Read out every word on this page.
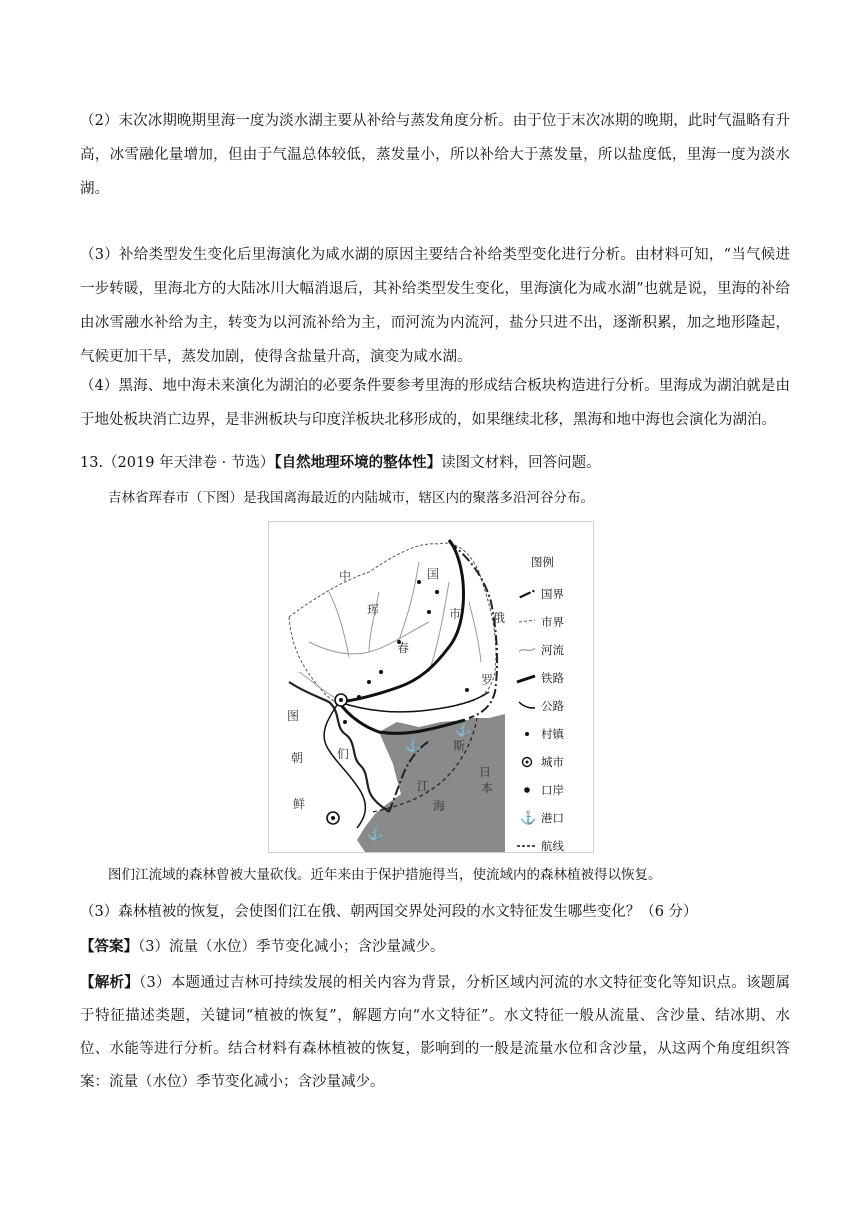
（2）末次冰期晚期里海一度为淡水湖主要从补给与蒸发角度分析。由于位于末次冰期的晚期，此时气温略有升高，冰雪融化量增加，但由于气温总体较低，蒸发量小，所以补给大于蒸发量，所以盐度低，里海一度为淡水湖。

（3）补给类型发生变化后里海演化为咸水湖的原因主要结合补给类型变化进行分析。由材料可知，“当气候进一步转暖，里海北方的大陆冰川大幅消退后，其补给类型发生变化，里海演化为咸水湖”也就是说，里海的补给由冰雪融水补给为主，转变为以河流补给为主，而河流为内流河，盐分只进不出，逐渐积累，加之地形隆起，气候更加干旱，蒸发加剧，使得含盐量升高，演变为咸水湖。

（4）黑海、地中海未来演化为湖泊的必要条件要参考里海的形成结合板块构造进行分析。里海成为湖泊就是由于地处板块消亡边界，是非洲板块与印度洋板块北移形成的，如果继续北移，黑海和地中海也会演化为湖泊。

13.（2019 年天津卷 · 节选）【自然地理环境的整体性】读图文材料，回答问题。
吉林省珲春市（下图）是我国离海最近的内陆城市，辖区内的聚落多沿河谷分布。
⚓
⚓
⚓
中	国
珲
春
市	俄
罗
斯
图
们
江
朝
鲜
日
本
海
图例
国界
市界
河流
铁路
公路
村镇
城市
口岸
⚓ 港口
航线
图们江流域的森林曾被大量砍伐。近年来由于保护措施得当，使流域内的森林植被得以恢复。
（3）森林植被的恢复，会使图们江在俄、朝两国交界处河段的水文特征发生哪些变化？（6 分）
【答案】（3）流量（水位）季节变化减小；含沙量减少。

【解析】（3）本题通过吉林可持续发展的相关内容为背景，分析区域内河流的水文特征变化等知识点。该题属于特征描述类题，关键词“植被的恢复”，解题方向“水文特征”。水文特征一般从流量、含沙量、结冰期、水位、水能等进行分析。结合材料有森林植被的恢复，影响到的一般是流量水位和含沙量，从这两个角度组织答案：流量（水位）季节变化减小；含沙量减少。
